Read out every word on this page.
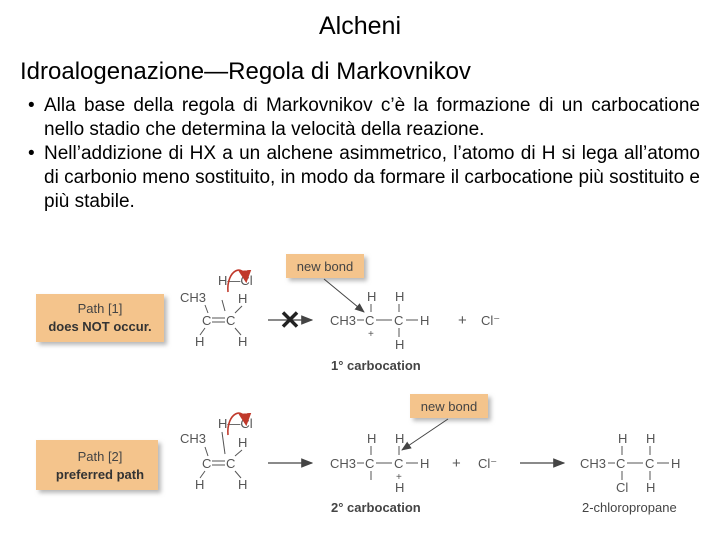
Alcheni
Idroalogenazione—Regola di Markovnikov
• Alla base della regola di Markovnikov c’è la formazione di un carbocatione nello stadio che determina la velocità della reazione.
• Nell’addizione di HX a un alchene asimmetrico, l’atomo di H si lega all’atomo di carbonio meno sostituito, in modo da formare il carbocatione più sostituito e più stabile.
Path [1]
does NOT occur.
CH3
H—Cl
H
C C
H	H
✕
new bond
H H
CH3 C C H
+
H
+ Cl⁻
1° carbocation
Path [2]
preferred path
CH3
H—Cl
H
C C
H	H
new bond
H H
CH3 C C H
+
H
+ Cl⁻
H H
CH3 C C H
Cl H
2° carbocation	2-chloropropane
